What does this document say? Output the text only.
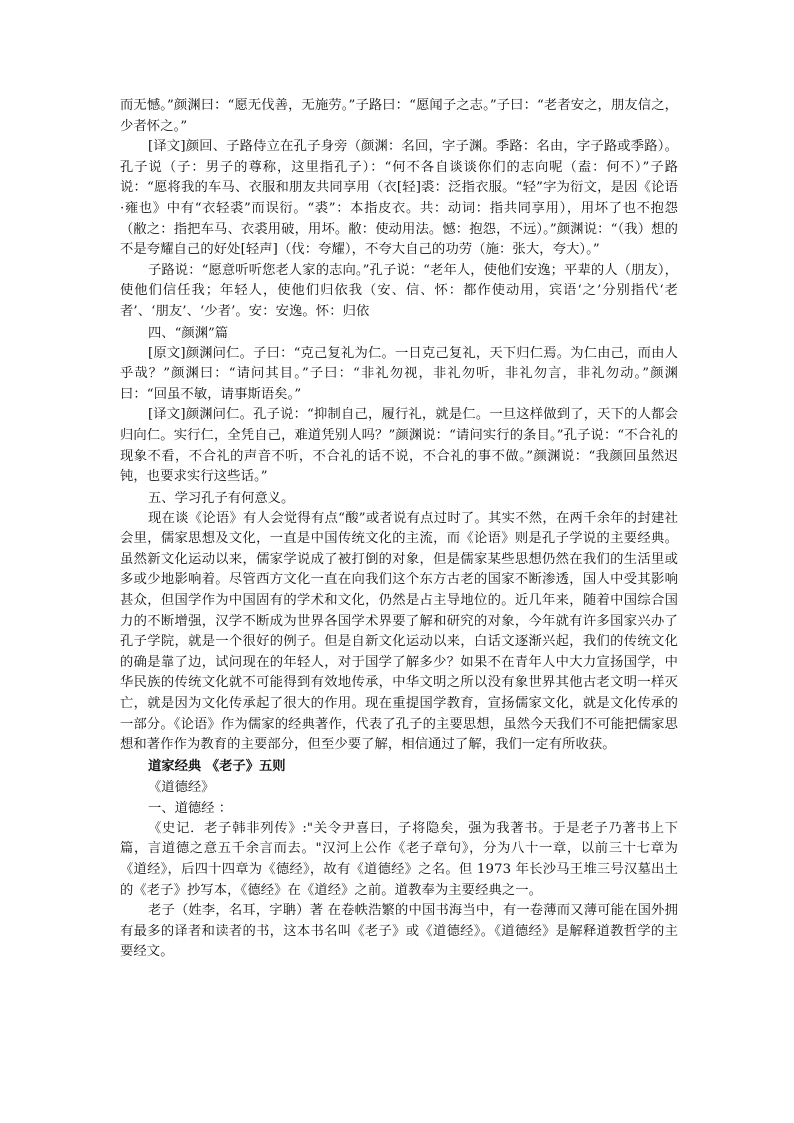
而无憾。”颜渊曰：“愿无伐善，无施劳。”子路曰：“愿闻子之志。”子曰：“老者安之，朋友信之，少者怀之。”

[译文]颜回、子路侍立在孔子身旁（颜渊：名回，字子渊。季路：名由，字子路或季路）。孔子说（子：男子的尊称，这里指孔子）：“何不各自谈谈你们的志向呢（盍：何不）”子路说：“愿将我的车马、衣服和朋友共同享用（衣[轻]裘：泛指衣服。“轻”字为衍文，是因《论语·雍也》中有“衣轻裘”而误衍。“裘”：本指皮衣。共：动词：指共同享用），用坏了也不抱怨（敝之：指把车马、衣裘用破，用坏。敝：使动用法。憾：抱怨，不远）。”颜渊说：“（我）想的不是夸耀自己的好处[轻声]（伐：夸耀），不夸大自己的功劳（施：张大，夸大）。”

子路说：“愿意听听您老人家的志向。”孔子说：“老年人，使他们安逸；平辈的人（朋友），使他们信任我；年轻人，使他们归依我（安、信、怀：都作使动用，宾语‘之’分别指代‘老者’、‘朋友’、‘少者’。安：安逸。怀：归依

四、“颜渊”篇

[原文]颜渊问仁。子曰：“克己复礼为仁。一日克己复礼，天下归仁焉。为仁由己，而由人乎哉？”颜渊曰：“请问其目。”子曰：“非礼勿视，非礼勿听，非礼勿言，非礼勿动。”颜渊曰：“回虽不敏，请事斯语矣。”

[译文]颜渊问仁。孔子说：“抑制自己，履行礼，就是仁。一旦这样做到了，天下的人都会归向仁。实行仁，全凭自己，难道凭别人吗？”颜渊说：“请问实行的条目。”孔子说：“不合礼的现象不看，不合礼的声音不听，不合礼的话不说，不合礼的事不做。”颜渊说：“我颜回虽然迟钝，也要求实行这些话。”

五、学习孔子有何意义。

现在谈《论语》有人会觉得有点“酸”或者说有点过时了。其实不然，在两千余年的封建社会里，儒家思想及文化，一直是中国传统文化的主流，而《论语》则是孔子学说的主要经典。虽然新文化运动以来，儒家学说成了被打倒的对象，但是儒家某些思想仍然在我们的生活里或多或少地影响着。尽管西方文化一直在向我们这个东方古老的国家不断渗透，国人中受其影响甚众，但国学作为中国固有的学术和文化，仍然是占主导地位的。近几年来，随着中国综合国力的不断增强，汉学不断成为世界各国学术界要了解和研究的对象，今年就有许多国家兴办了孔子学院，就是一个很好的例子。但是自新文化运动以来，白话文逐渐兴起，我们的传统文化的确是靠了边，试问现在的年轻人，对于国学了解多少？如果不在青年人中大力宣扬国学，中华民族的传统文化就不可能得到有效地传承，中华文明之所以没有象世界其他古老文明一样灭亡，就是因为文化传承起了很大的作用。现在重提国学教育，宣扬儒家文化，就是文化传承的一部分。《论语》作为儒家的经典著作，代表了孔子的主要思想，虽然今天我们不可能把儒家思想和著作作为教育的主要部分，但至少要了解，相信通过了解，我们一定有所收获。

道家经典 《老子》五则

《道德经》

一、道德经 ：

《史记．老子韩非列传》:"关令尹喜曰，子将隐矣，强为我著书。于是老子乃著书上下篇，言道德之意五千余言而去。"汉河上公作《老子章句》，分为八十一章，以前三十七章为《道经》，后四十四章为《德经》，故有《道德经》之名。但 1973 年长沙马王堆三号汉墓出土的《老子》抄写本，《德经》在《道经》之前。道教奉为主要经典之一。

老子（姓李，名耳，字聃）著 在卷帙浩繁的中国书海当中，有一卷薄而又薄可能在国外拥有最多的译者和读者的书，这本书名叫《老子》或《道德经》。《道德经》是解释道教哲学的主要经文。
